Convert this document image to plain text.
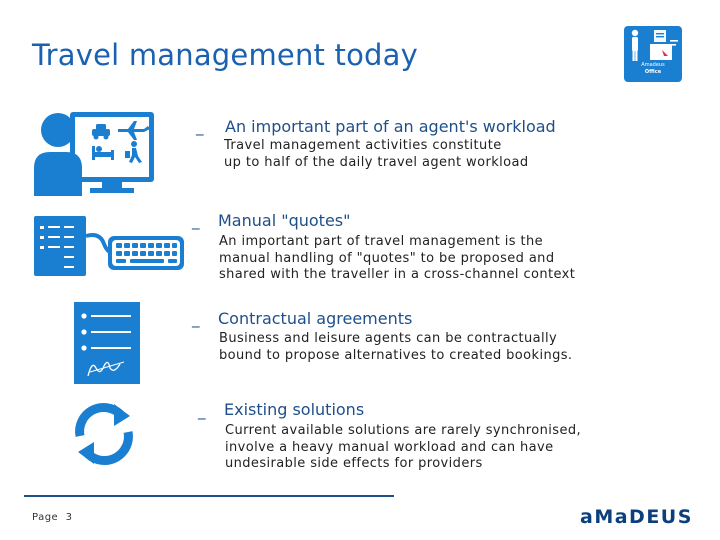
Travel management today	Amadeus
Office
_ An important part of an agent's workload
Travel management activities constitute
up to half of the daily travel agent workload
_ Manual "quotes"
An important part of travel management is the
manual handling of "quotes" to be proposed and
shared with the traveller in a cross-channel context
_ Contractual agreements
Business and leisure agents can be contractually
bound to propose alternatives to created bookings.
_ Existing solutions
Current available solutions are rarely synchronised,
involve a heavy manual workload and can have
undesirable side effects for providers
Page 3	aMaDEUS
